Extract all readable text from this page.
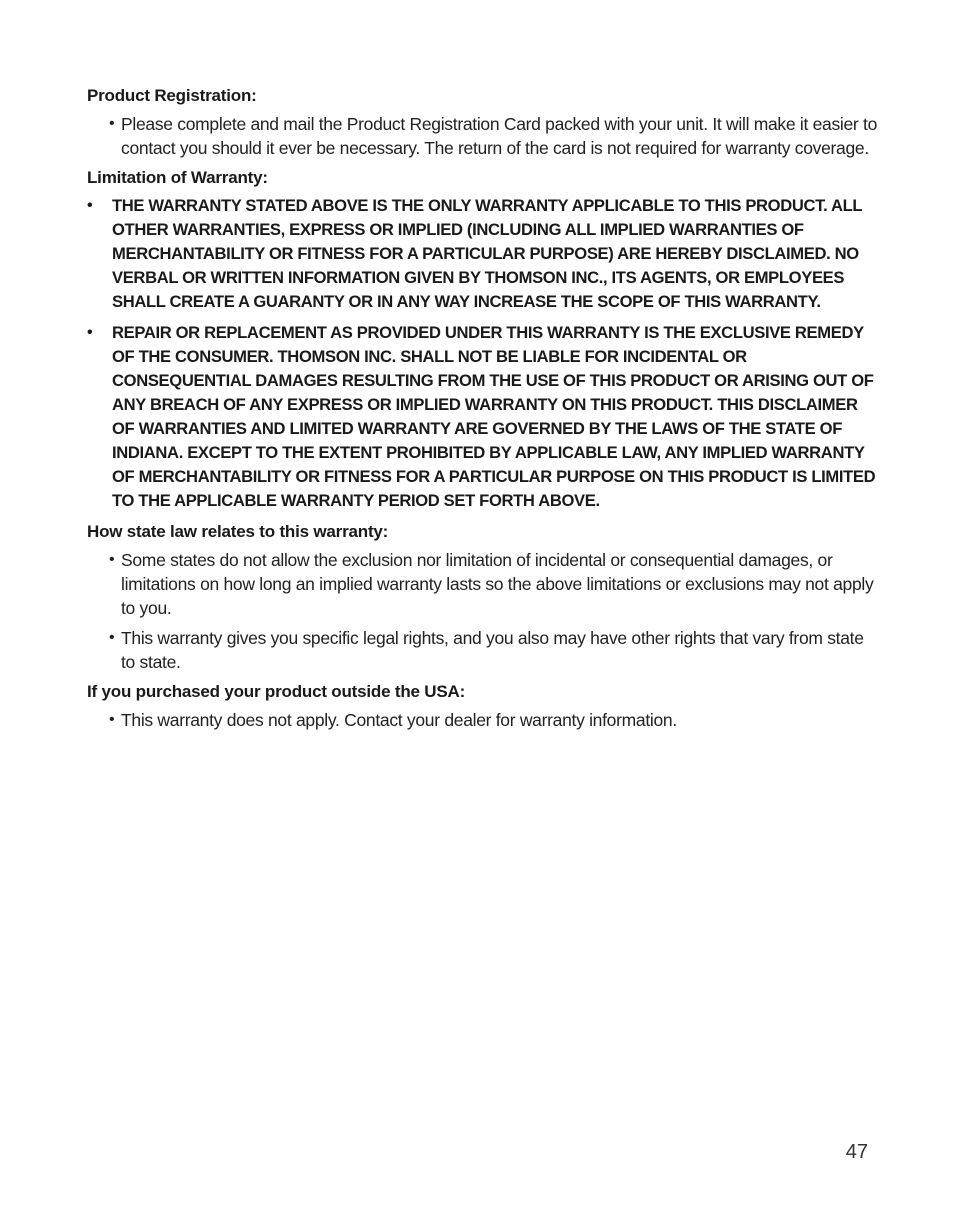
Product Registration:

• Please complete and mail the Product Registration Card packed with your unit. It will make it easier to contact you should it ever be necessary. The return of the card is not required for warranty coverage.

Limitation of Warranty:

• THE WARRANTY STATED ABOVE IS THE ONLY WARRANTY APPLICABLE TO THIS PRODUCT. ALL OTHER WARRANTIES, EXPRESS OR IMPLIED (INCLUDING ALL IMPLIED WARRANTIES OF MERCHANTABILITY OR FITNESS FOR A PARTICULAR PURPOSE) ARE HEREBY DISCLAIMED. NO VERBAL OR WRITTEN INFORMATION GIVEN BY THOMSON INC., ITS AGENTS, OR EMPLOYEES SHALL CREATE A GUARANTY OR IN ANY WAY INCREASE THE SCOPE OF THIS WARRANTY.
• REPAIR OR REPLACEMENT AS PROVIDED UNDER THIS WARRANTY IS THE EXCLUSIVE REMEDY OF THE CONSUMER. THOMSON INC. SHALL NOT BE LIABLE FOR INCIDENTAL OR CONSEQUENTIAL DAMAGES RESULTING FROM THE USE OF THIS PRODUCT OR ARISING OUT OF ANY BREACH OF ANY EXPRESS OR IMPLIED WARRANTY ON THIS PRODUCT. THIS DISCLAIMER OF WARRANTIES AND LIMITED WARRANTY ARE GOVERNED BY THE LAWS OF THE STATE OF INDIANA. EXCEPT TO THE EXTENT PROHIBITED BY APPLICABLE LAW, ANY IMPLIED WARRANTY OF MERCHANTABILITY OR FITNESS FOR A PARTICULAR PURPOSE ON THIS PRODUCT IS LIMITED TO THE APPLICABLE WARRANTY PERIOD SET FORTH ABOVE.

How state law relates to this warranty:

• Some states do not allow the exclusion nor limitation of incidental or consequential damages, or limitations on how long an implied warranty lasts so the above limitations or exclusions may not apply to you.
• This warranty gives you specific legal rights, and you also may have other rights that vary from state to state.

If you purchased your product outside the USA:

• This warranty does not apply. Contact your dealer for warranty information.
47
